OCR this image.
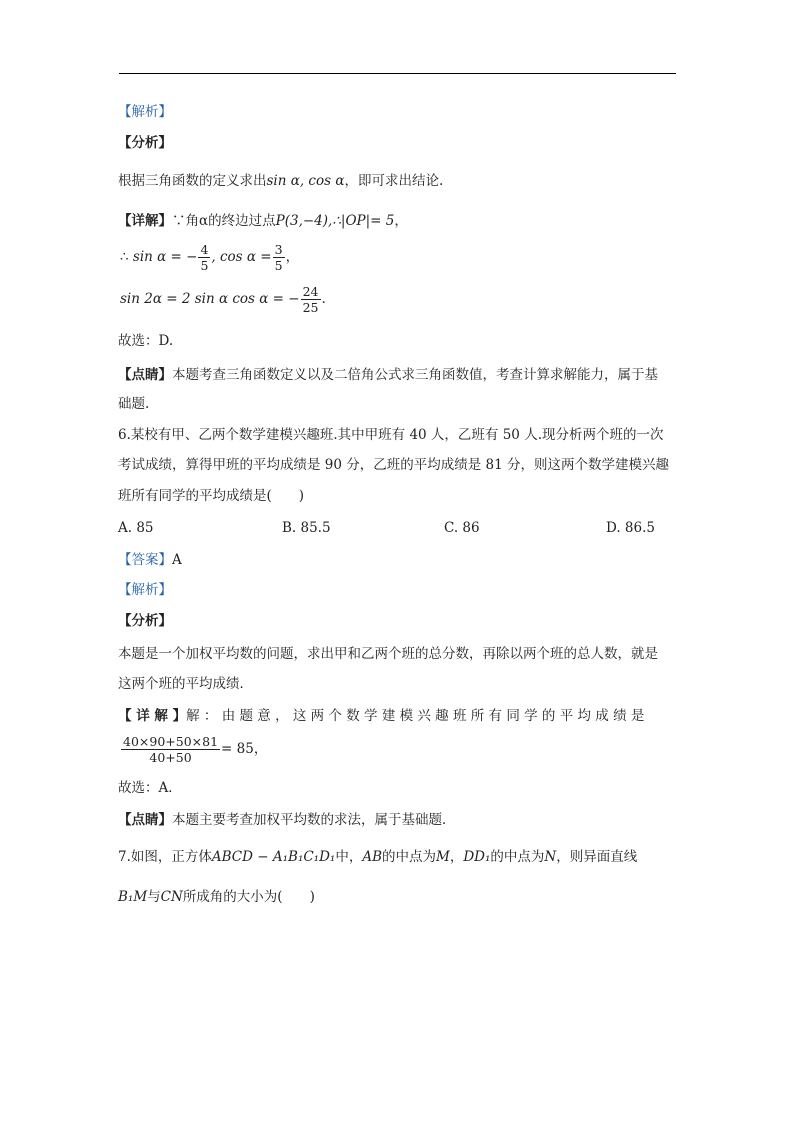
【解析】
【分析】
根据三角函数的定义求出sin α, cos α，即可求出结论.
【详解】∵角α的终边过点P(3,−4),∴|OP|= 5，
∴ sin α = − $\frac{4}{5}$ , $\cos \alpha = \frac{3}{5}$ ，
sin 2α = 2 sin α cos α = − $\frac{24}{25}$ .
故选：D.
【点睛】本题考查三角函数定义以及二倍角公式求三角函数值，考查计算求解能力，属于基
础题.
6.某校有甲、乙两个数学建模兴趣班.其中甲班有 40 人，乙班有 50 人.现分析两个班的一次
考试成绩，算得甲班的平均成绩是 90 分，乙班的平均成绩是 81 分，则这两个数学建模兴趣
班所有同学的平均成绩是(　　)
A. 85	B. 85.5	C. 86	D. 86.5
【答案】A
【解析】
【分析】
本题是一个加权平均数的问题，求出甲和乙两个班的总分数，再除以两个班的总人数，就是
这两个班的平均成绩．
【 详 解 】解 ： 由 题 意 ， 这 两 个 数 学 建 模 兴 趣 班 所 有 同 学 的 平 均 成 绩 是
$\frac{40\times 90+50\times 81}{40+50} = 85$，
故选：A．
【点睛】本题主要考查加权平均数的求法，属于基础题．
7.如图，正方体ABCD − A₁B₁C₁D₁中，AB的中点为M，DD₁的中点为N，则异面直线
B₁M与CN所成角的大小为(　　)
